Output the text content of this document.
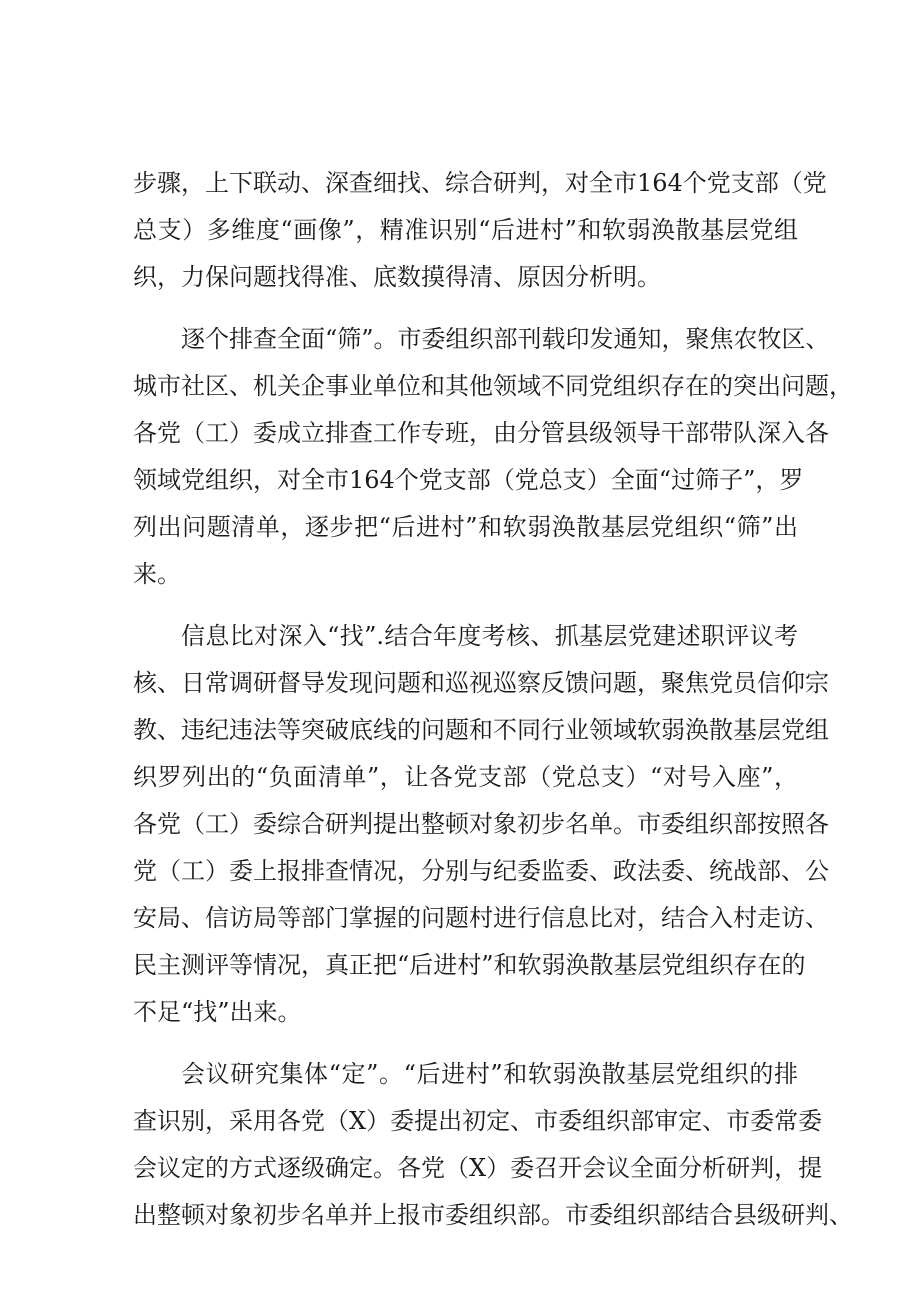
步骤，上下联动、深查细找、综合研判，对全市164个党支部（党
总支）多维度“画像”，精准识别“后进村”和软弱涣散基层党组
织，力保问题找得准、底数摸得清、原因分析明。
逐个排查全面“筛”。市委组织部刊载印发通知，聚焦农牧区、
城市社区、机关企事业单位和其他领域不同党组织存在的突出问题，
各党（工）委成立排查工作专班，由分管县级领导干部带队深入各
领域党组织，对全市164个党支部（党总支）全面“过筛子”，罗
列出问题清单，逐步把“后进村”和软弱涣散基层党组织“筛”出
来。
信息比对深入“找”.结合年度考核、抓基层党建述职评议考
核、日常调研督导发现问题和巡视巡察反馈问题，聚焦党员信仰宗
教、违纪违法等突破底线的问题和不同行业领域软弱涣散基层党组
织罗列出的“负面清单”，让各党支部（党总支）“对号入座”，
各党（工）委综合研判提出整顿对象初步名单。市委组织部按照各
党（工）委上报排查情况，分别与纪委监委、政法委、统战部、公
安局、信访局等部门掌握的问题村进行信息比对，结合入村走访、
民主测评等情况，真正把“后进村”和软弱涣散基层党组织存在的
不足“找”出来。
会议研究集体“定”。“后进村”和软弱涣散基层党组织的排
查识别，采用各党（X）委提出初定、市委组织部审定、市委常委
会议定的方式逐级确定。各党（X）委召开会议全面分析研判，提
出整顿对象初步名单并上报市委组织部。市委组织部结合县级研判、
